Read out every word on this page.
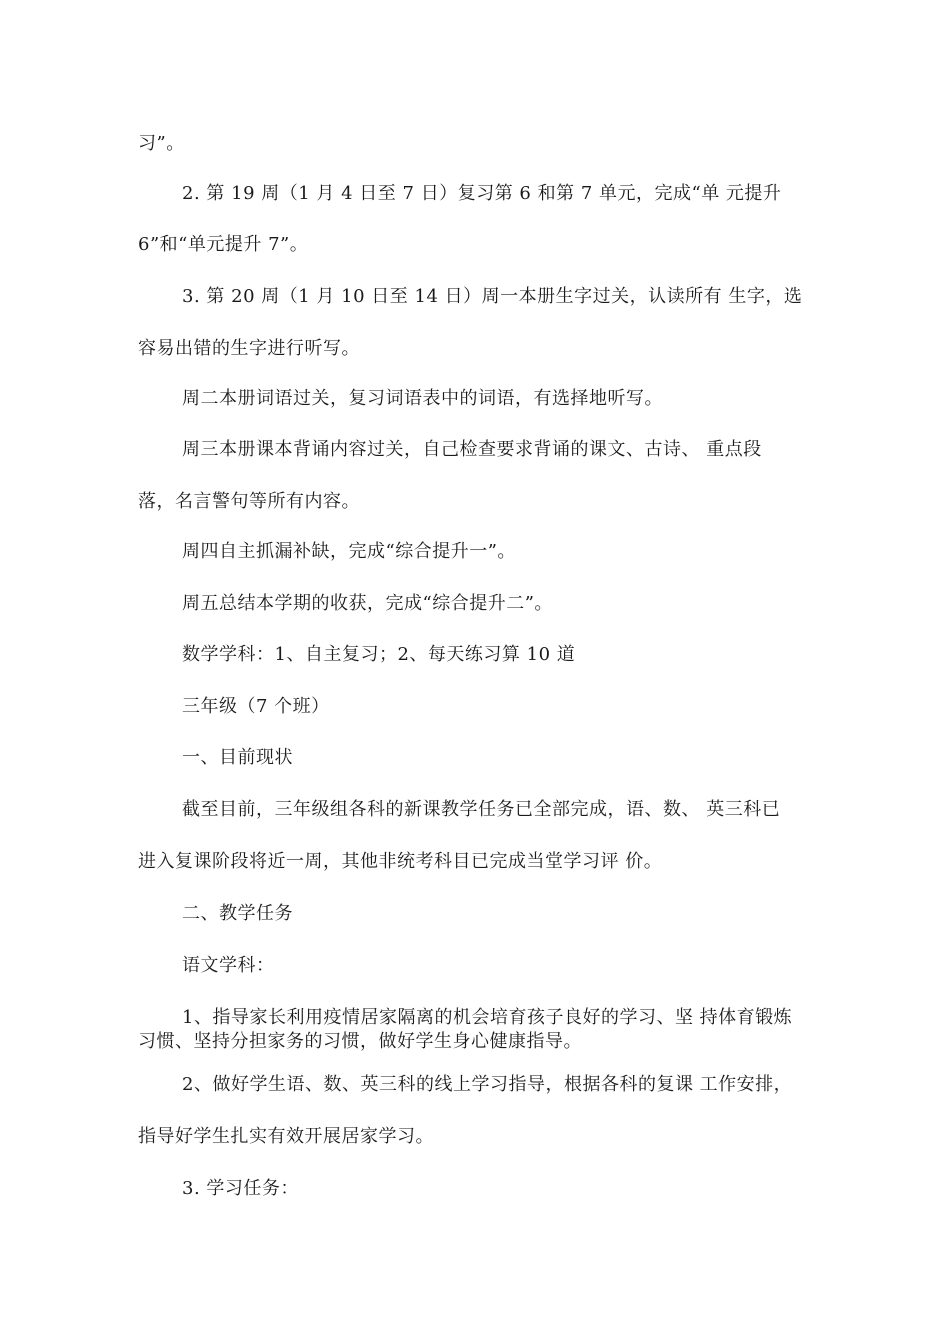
习”。
2. 第 19 周（1 月 4 日至 7 日）复习第 6 和第 7 单元，完成“单 元提升
6”和“单元提升 7”。
3. 第 20 周（1 月 10 日至 14 日）周一本册生字过关，认读所有 生字，选
容易出错的生字进行听写。
周二本册词语过关，复习词语表中的词语，有选择地听写。
周三本册课本背诵内容过关，自己检查要求背诵的课文、古诗、 重点段
落，名言警句等所有内容。
周四自主抓漏补缺，完成“综合提升一”。
周五总结本学期的收获，完成“综合提升二”。
数学学科：1、自主复习；2、每天练习算 10 道
三年级（7 个班）
一、目前现状
截至目前，三年级组各科的新课教学任务已全部完成，语、数、 英三科已
进入复课阶段将近一周，其他非统考科目已完成当堂学习评 价。
二、教学任务
语文学科：
1、指导家长利用疫情居家隔离的机会培育孩子良好的学习、坚 持体育锻炼
习惯、坚持分担家务的习惯，做好学生身心健康指导。
2、做好学生语、数、英三科的线上学习指导，根据各科的复课 工作安排，
指导好学生扎实有效开展居家学习。
3. 学习任务：
